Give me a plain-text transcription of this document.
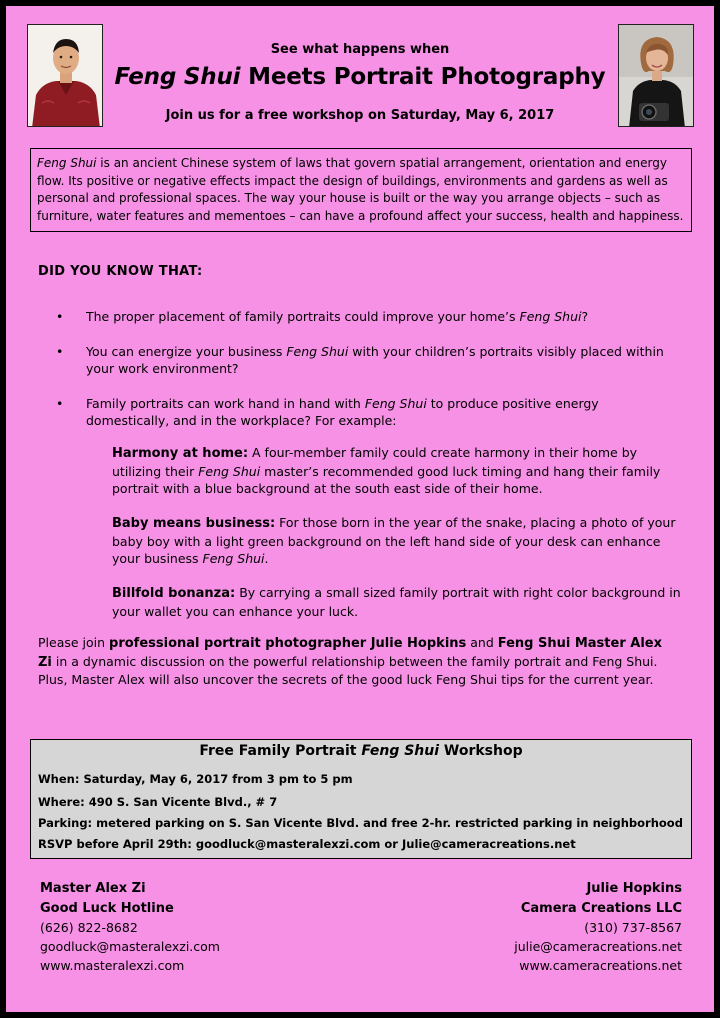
See what happens when
Feng Shui Meets Portrait Photography
Join us for a free workshop on Saturday, May 6, 2017
Feng Shui is an ancient Chinese system of laws that govern spatial arrangement, orientation and energy flow. Its positive or negative effects impact the design of buildings, environments and gardens as well as personal and professional spaces. The way your house is built or the way you arrange objects – such as furniture, water features and mementoes – can have a profound affect your success, health and happiness.
DID YOU KNOW THAT:
• The proper placement of family portraits could improve your home’s Feng Shui?
• You can energize your business Feng Shui with your children’s portraits visibly placed within your work environment?
• Family portraits can work hand in hand with Feng Shui to produce positive energy domestically, and in the workplace? For example:
Harmony at home: A four-member family could create harmony in their home by utilizing their Feng Shui master’s recommended good luck timing and hang their family portrait with a blue background at the south east side of their home.
Baby means business: For those born in the year of the snake, placing a photo of your baby boy with a light green background on the left hand side of your desk can enhance your business Feng Shui.
Billfold bonanza: By carrying a small sized family portrait with right color background in your wallet you can enhance your luck.
Please join professional portrait photographer Julie Hopkins and Feng Shui Master Alex Zi in a dynamic discussion on the powerful relationship between the family portrait and Feng Shui. Plus, Master Alex will also uncover the secrets of the good luck Feng Shui tips for the current year.
Free Family Portrait Feng Shui Workshop
When: Saturday, May 6, 2017 from 3 pm to 5 pm
Where: 490 S. San Vicente Blvd., # 7
Parking: metered parking on S. San Vicente Blvd. and free 2-hr. restricted parking in neighborhood
RSVP before April 29th: goodluck@masteralexzi.com or Julie@cameracreations.net
Master Alex Zi
Good Luck Hotline
(626) 822-8682
goodluck@masteralexzi.com
www.masteralexzi.com
Julie Hopkins
Camera Creations LLC
(310) 737-8567
julie@cameracreations.net
www.cameracreations.net
